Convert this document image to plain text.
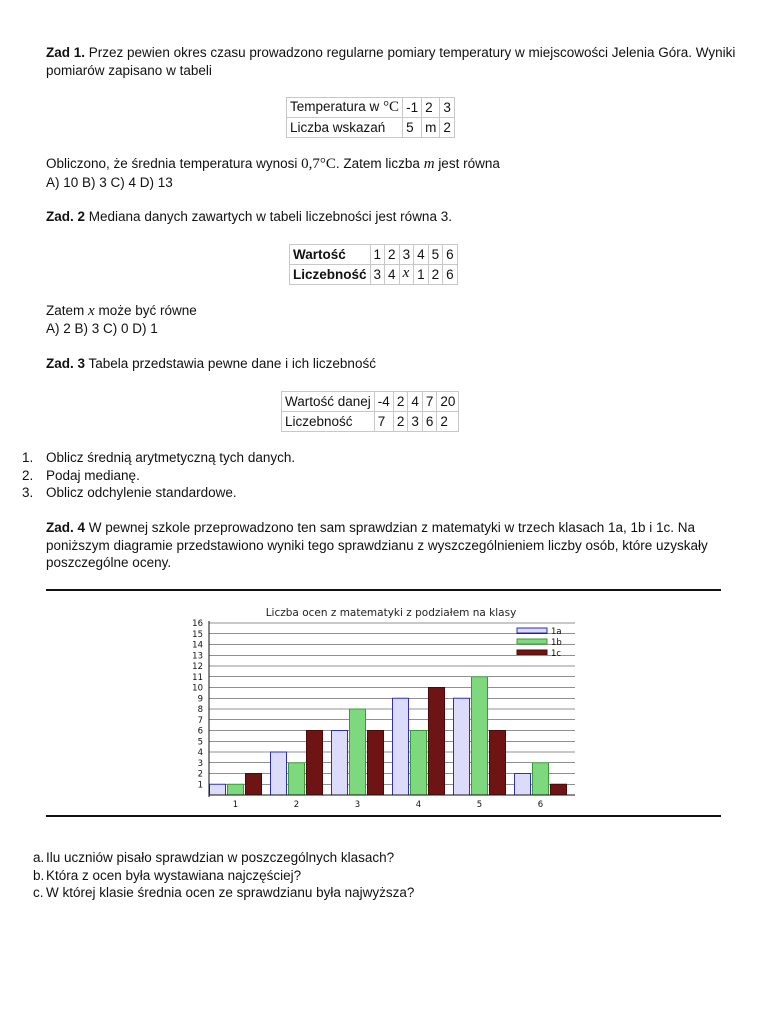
Zad 1. Przez pewien okres czasu prowadzono regularne pomiary temperatury w miejscowości Jelenia Góra. Wyniki pomiarów zapisano w tabeli

Temperatura w °C	-1	2	3
Liczba wskazań	5	m	2

Obliczono, że średnia temperatura wynosi 0,7°C. Zatem liczba m jest równa

A) 10 B) 3 C) 4 D) 13

Zad. 2 Mediana danych zawartych w tabeli liczebności jest równa 3.

Wartość	1	2	3	4	5	6
Liczebność	3	4	x	1	2	6

Zatem x może być równe

A) 2 B) 3 C) 0 D) 1

Zad. 3 Tabela przedstawia pewne dane i ich liczebność

Wartość danej	-4	2	4	7	20
Liczebność	7	2	3	6	2
1. Oblicz średnią arytmetyczną tych danych.
2. Podaj medianę.
3. Oblicz odchylenie standardowe.

Zad. 4 W pewnej szkole przeprowadzono ten sam sprawdzian z matematyki w trzech klasach 1a, 1b i 1c. Na poniższym diagramie przedstawiono wyniki tego sprawdzianu z wyszczególnieniem liczby osób, które uzyskały poszczególne oceny.

Liczba ocen z matematyki z podziałem na klasy
1
2
3
4
5
6
7
8
9
10
11
12
13
14
15
16
1	2	3	4	5	6
1a
1b
1c
a. Ilu uczniów pisało sprawdzian w poszczególnych klasach?
b. Która z ocen była wystawiana najczęściej?
c. W której klasie średnia ocen ze sprawdzianu była najwyższa?
